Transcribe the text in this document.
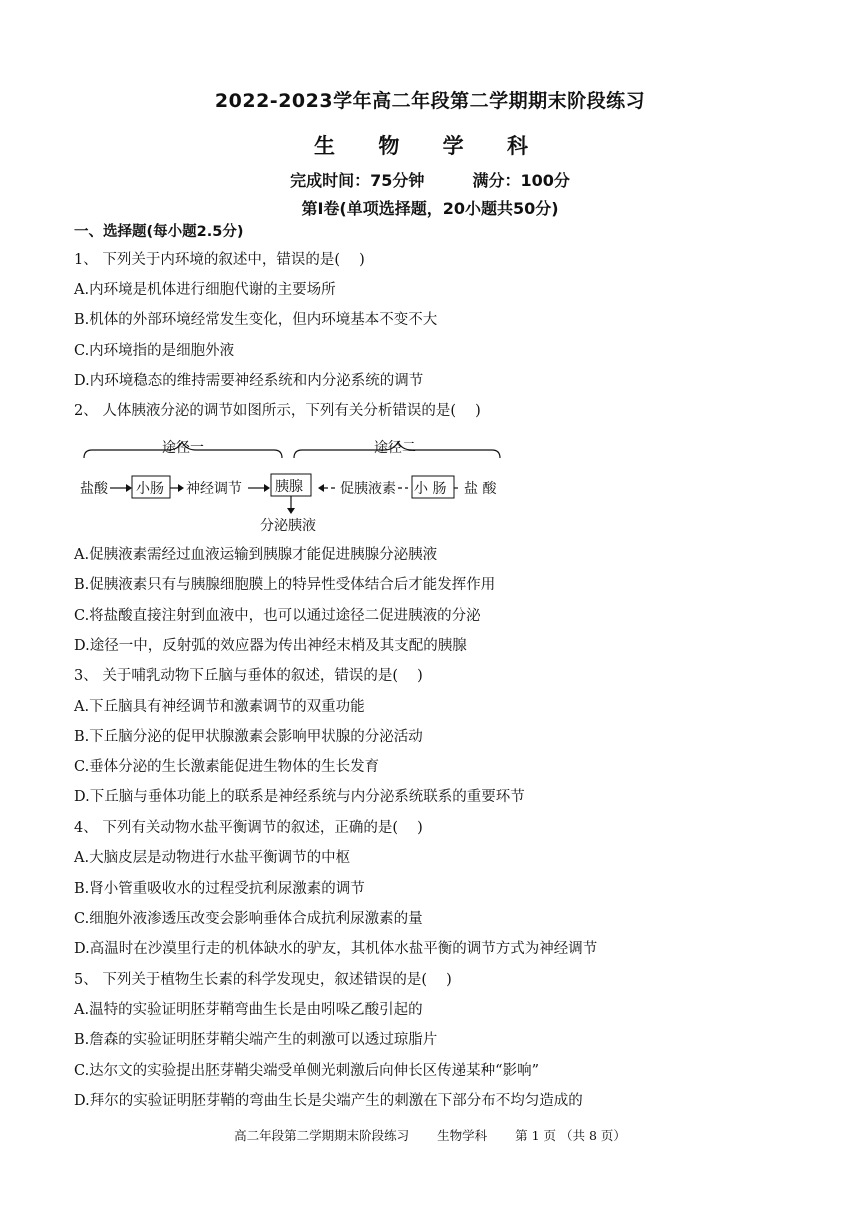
2022-2023学年高二年段第二学期期末阶段练习
生 物 学 科
完成时间：75分钟	满分：100分
第Ⅰ卷(单项选择题，20小题共50分)
一、选择题(每小题2.5分)
1、 下列关于内环境的叙述中，错误的是(　 )
A.内环境是机体进行细胞代谢的主要场所
B.机体的外部环境经常发生变化，但内环境基本不变不大
C.内环境指的是细胞外液
D.内环境稳态的维持需要神经系统和内分泌系统的调节
2、 人体胰液分泌的调节如图所示，下列有关分析错误的是(　 )
途径一	途径二
盐酸 小肠 神经调节 胰腺
分泌胰液
促胰液素 小 肠 盐 酸
A.促胰液素需经过血液运输到胰腺才能促进胰腺分泌胰液
B.促胰液素只有与胰腺细胞膜上的特异性受体结合后才能发挥作用
C.将盐酸直接注射到血液中，也可以通过途径二促进胰液的分泌
D.途径一中，反射弧的效应器为传出神经末梢及其支配的胰腺
3、 关于哺乳动物下丘脑与垂体的叙述，错误的是(　 )
A.下丘脑具有神经调节和激素调节的双重功能
B.下丘脑分泌的促甲状腺激素会影响甲状腺的分泌活动
C.垂体分泌的生长激素能促进生物体的生长发育
D.下丘脑与垂体功能上的联系是神经系统与内分泌系统联系的重要环节
4、 下列有关动物水盐平衡调节的叙述，正确的是(　 )
A.大脑皮层是动物进行水盐平衡调节的中枢
B.肾小管重吸收水的过程受抗利尿激素的调节
C.细胞外液渗透压改变会影响垂体合成抗利尿激素的量
D.高温时在沙漠里行走的机体缺水的驴友，其机体水盐平衡的调节方式为神经调节
5、 下列关于植物生长素的科学发现史，叙述错误的是(　 )
A.温特的实验证明胚芽鞘弯曲生长是由吲哚乙酸引起的
B.詹森的实验证明胚芽鞘尖端产生的刺激可以透过琼脂片
C.达尔文的实验提出胚芽鞘尖端受单侧光刺激后向伸长区传递某种“影响”
D.拜尔的实验证明胚芽鞘的弯曲生长是尖端产生的刺激在下部分布不均匀造成的
高二年段第二学期期末阶段练习 生物学科 第 1 页 （共 8 页）
